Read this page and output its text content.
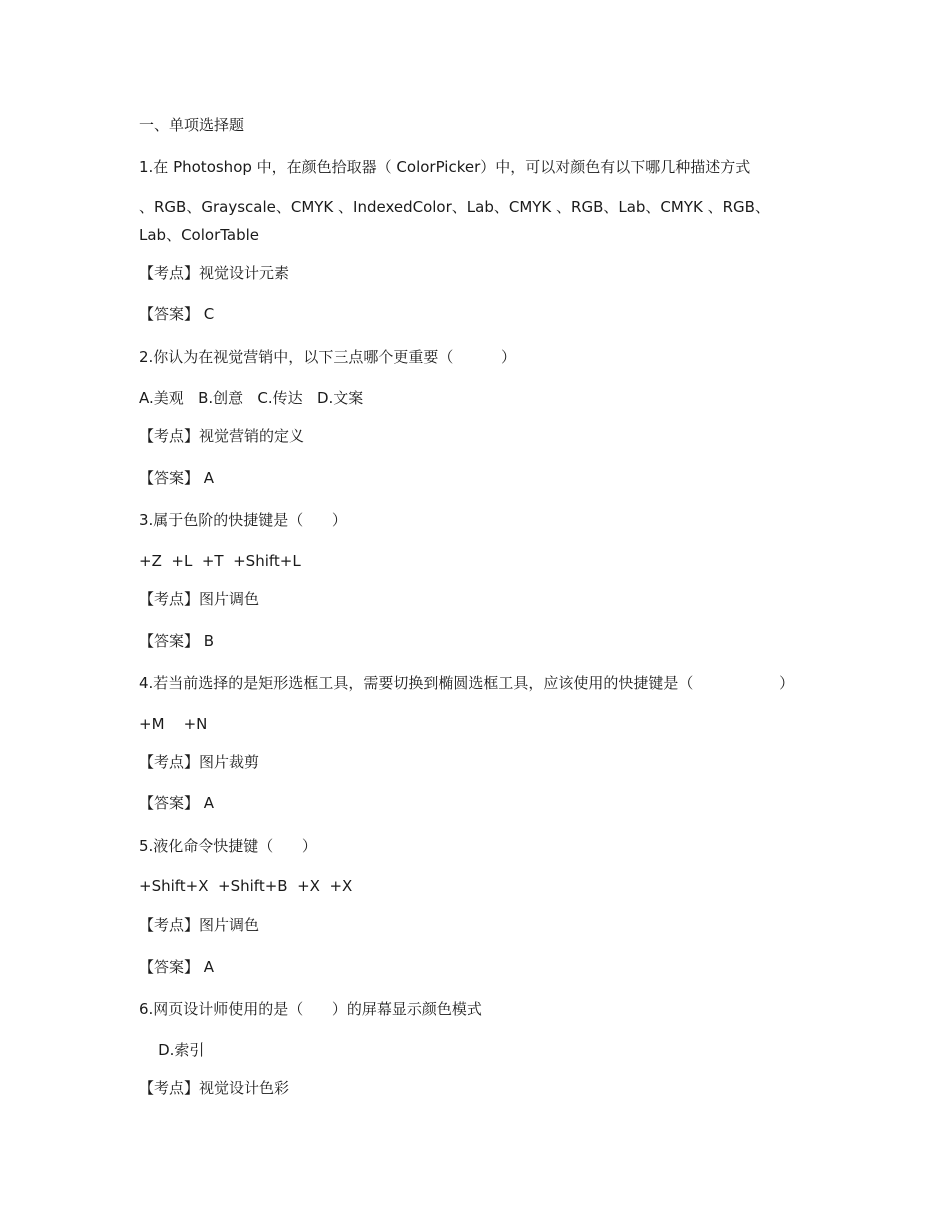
一、单项选择题
1.在 Photoshop 中，在颜色拾取器（ ColorPicker）中，可以对颜色有以下哪几种描述方式
、RGB、Grayscale、CMYK 、IndexedColor、Lab、CMYK 、RGB、Lab、CMYK 、RGB、
Lab、ColorTable
【考点】视觉设计元素
【答案】 C
2.你认为在视觉营销中，以下三点哪个更重要（          ）
A.美观   B.创意   C.传达   D.文案
【考点】视觉营销的定义
【答案】 A
3.属于色阶的快捷键是（      ）
+Z  +L  +T  +Shift+L
【考点】图片调色
【答案】 B
4.若当前选择的是矩形选框工具，需要切换到椭圆选框工具，应该使用的快捷键是（                  ）
+M    +N
【考点】图片裁剪
【答案】 A
5.液化命令快捷键（      ）
+Shift+X  +Shift+B  +X  +X
【考点】图片调色
【答案】 A
6.网页设计师使用的是（      ）的屏幕显示颜色模式
D.索引
【考点】视觉设计色彩
